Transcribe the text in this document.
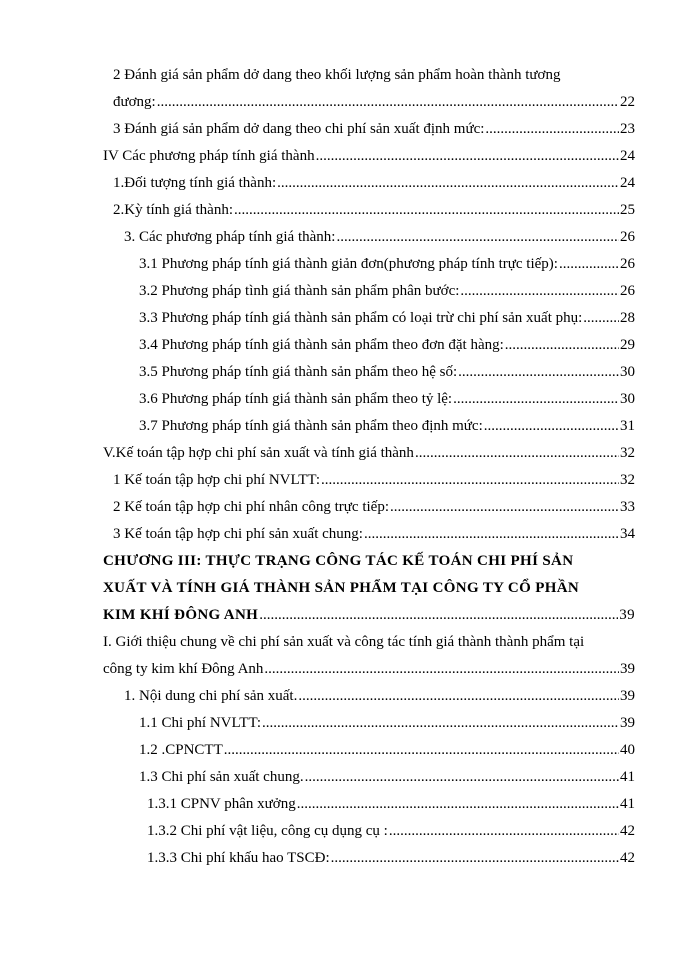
2 Đánh giá sản phẩm dở dang theo khối lượng sản phẩm hoàn thành tương
đương: .....	22
3 Đánh giá sản phẩm dở dang theo chi phí sản xuất định mức: .....	23
IV Các phương pháp tính giá thành .....	24
1.Đối tượng tính giá thành: .....	24
2.Kỳ tính giá thành: .....	25
3. Các phương pháp tính giá thành: .....	26
3.1 Phương pháp tính giá thành giản đơn(phương pháp tính trực tiếp): .....	26
3.2 Phương pháp tình giá thành sản phẩm phân bước: .....	26
3.3 Phương pháp tính giá thành sản phẩm có loại trừ chi phí sản xuất phụ: .....	28
3.4 Phương pháp tính giá thành sản phẩm theo đơn đặt hàng: .....	29
3.5 Phương pháp tính giá thành sản phẩm theo hệ số: .....	30
3.6 Phương pháp tính giá thành sản phẩm theo tỷ lệ: .....	30
3.7 Phương pháp tính giá thành sản phẩm theo định mức: .....	31
V.Kế toán tập hợp chi phí sản xuất và tính giá thành .....	32
1 Kế toán tập hợp chi phí NVLTT: .....	32
2 Kế toán tập hợp chi phí nhân công trực tiếp: .....	33
3 Kế toán tập hợp chi phí sản xuất chung: .....	34
CHƯƠNG III: THỰC TRẠNG CÔNG TÁC KẾ TOÁN CHI PHÍ SẢN
XUẤT VÀ TÍNH GIÁ THÀNH SẢN PHẨM TẠI CÔNG TY CỔ PHẦN
KIM KHÍ ĐÔNG ANH .....	39
I. Giới thiệu chung về chi phí sản xuất và công tác tính giá thành thành phẩm tại
công ty kim khí Đông Anh .....	39
1. Nội dung chi phí sản xuất. .....	39
1.1 Chi phí NVLTT: .....	39
1.2 .CPNCTT .....	40
1.3 Chi phí sản xuất chung. .....	41
1.3.1 CPNV phân xưởng .....	41
1.3.2 Chi phí vật liệu, công cụ dụng cụ : .....	42
1.3.3 Chi phí khấu hao TSCĐ: .....	42
